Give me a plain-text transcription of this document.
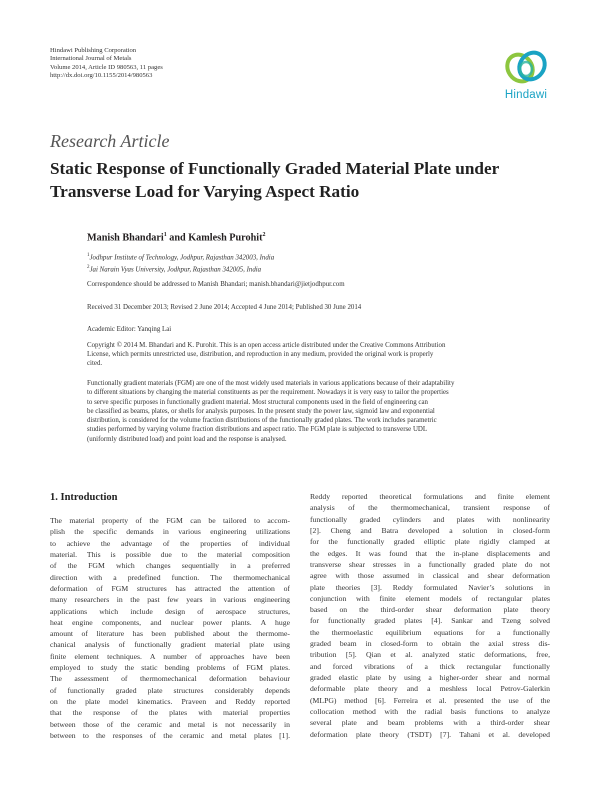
Hindawi Publishing Corporation
International Journal of Metals
Volume 2014, Article ID 980563, 11 pages
http://dx.doi.org/10.1155/2014/980563
Hindawi
Research Article
Static Response of Functionally Graded Material Plate under Transverse Load for Varying Aspect Ratio
Manish Bhandari$^1$ and Kamlesh Purohit$^2$
$^1$Jodhpur Institute of Technology, Jodhpur, Rajasthan 342003, India
$^2$Jai Narain Vyas University, Jodhpur, Rajasthan 342005, India
Correspondence should be addressed to Manish Bhandari; manish.bhandari@jietjodhpur.com
Received 31 December 2013; Revised 2 June 2014; Accepted 4 June 2014; Published 30 June 2014
Academic Editor: Yanqing Lai
Copyright © 2014 M. Bhandari and K. Purohit. This is an open access article distributed under the Creative Commons Attribution
License, which permits unrestricted use, distribution, and reproduction in any medium, provided the original work is properly
cited.
Functionally gradient materials (FGM) are one of the most widely used materials in various applications because of their adaptability
to different situations by changing the material constituents as per the requirement. Nowadays it is very easy to tailor the properties
to serve specific purposes in functionally gradient material. Most structural components used in the field of engineering can
be classified as beams, plates, or shells for analysis purposes. In the present study the power law, sigmoid law and exponential
distribution, is considered for the volume fraction distributions of the functionally graded plates. The work includes parametric
studies performed by varying volume fraction distributions and aspect ratio. The FGM plate is subjected to transverse UDL
(uniformly distributed load) and point load and the response is analysed.
1. Introduction
The material property of the FGM can be tailored to accom-
plish the specific demands in various engineering utilizations
to achieve the advantage of the properties of individual
material. This is possible due to the material composition
of the FGM which changes sequentially in a preferred
direction with a predefined function. The thermomechanical
deformation of FGM structures has attracted the attention of
many researchers in the past few years in various engineering
applications which include design of aerospace structures,
heat engine components, and nuclear power plants. A huge
amount of literature has been published about the thermome-
chanical analysis of functionally gradient material plate using
finite element techniques. A number of approaches have been
employed to study the static bending problems of FGM plates.
The assessment of thermomechanical deformation behaviour
of functionally graded plate structures considerably depends
on the plate model kinematics. Praveen and Reddy reported
that the response of the plates with material properties
between those of the ceramic and metal is not necessarily in
between to the responses of the ceramic and metal plates [1].
Reddy reported theoretical formulations and finite element
analysis of the thermomechanical, transient response of
functionally graded cylinders and plates with nonlinearity
[2]. Cheng and Batra developed a solution in closed-form
for the functionally graded elliptic plate rigidly clamped at
the edges. It was found that the in-plane displacements and
transverse shear stresses in a functionally graded plate do not
agree with those assumed in classical and shear deformation
plate theories [3]. Reddy formulated Navier’s solutions in
conjunction with finite element models of rectangular plates
based on the third-order shear deformation plate theory
for functionally graded plates [4]. Sankar and Tzeng solved
the thermoelastic equilibrium equations for a functionally
graded beam in closed-form to obtain the axial stress dis-
tribution [5]. Qian et al. analyzed static deformations, free,
and forced vibrations of a thick rectangular functionally
graded elastic plate by using a higher-order shear and normal
deformable plate theory and a meshless local Petrov-Galerkin
(MLPG) method [6]. Ferreira et al. presented the use of the
collocation method with the radial basis functions to analyze
several plate and beam problems with a third-order shear
deformation plate theory (TSDT) [7]. Tahani et al. developed
